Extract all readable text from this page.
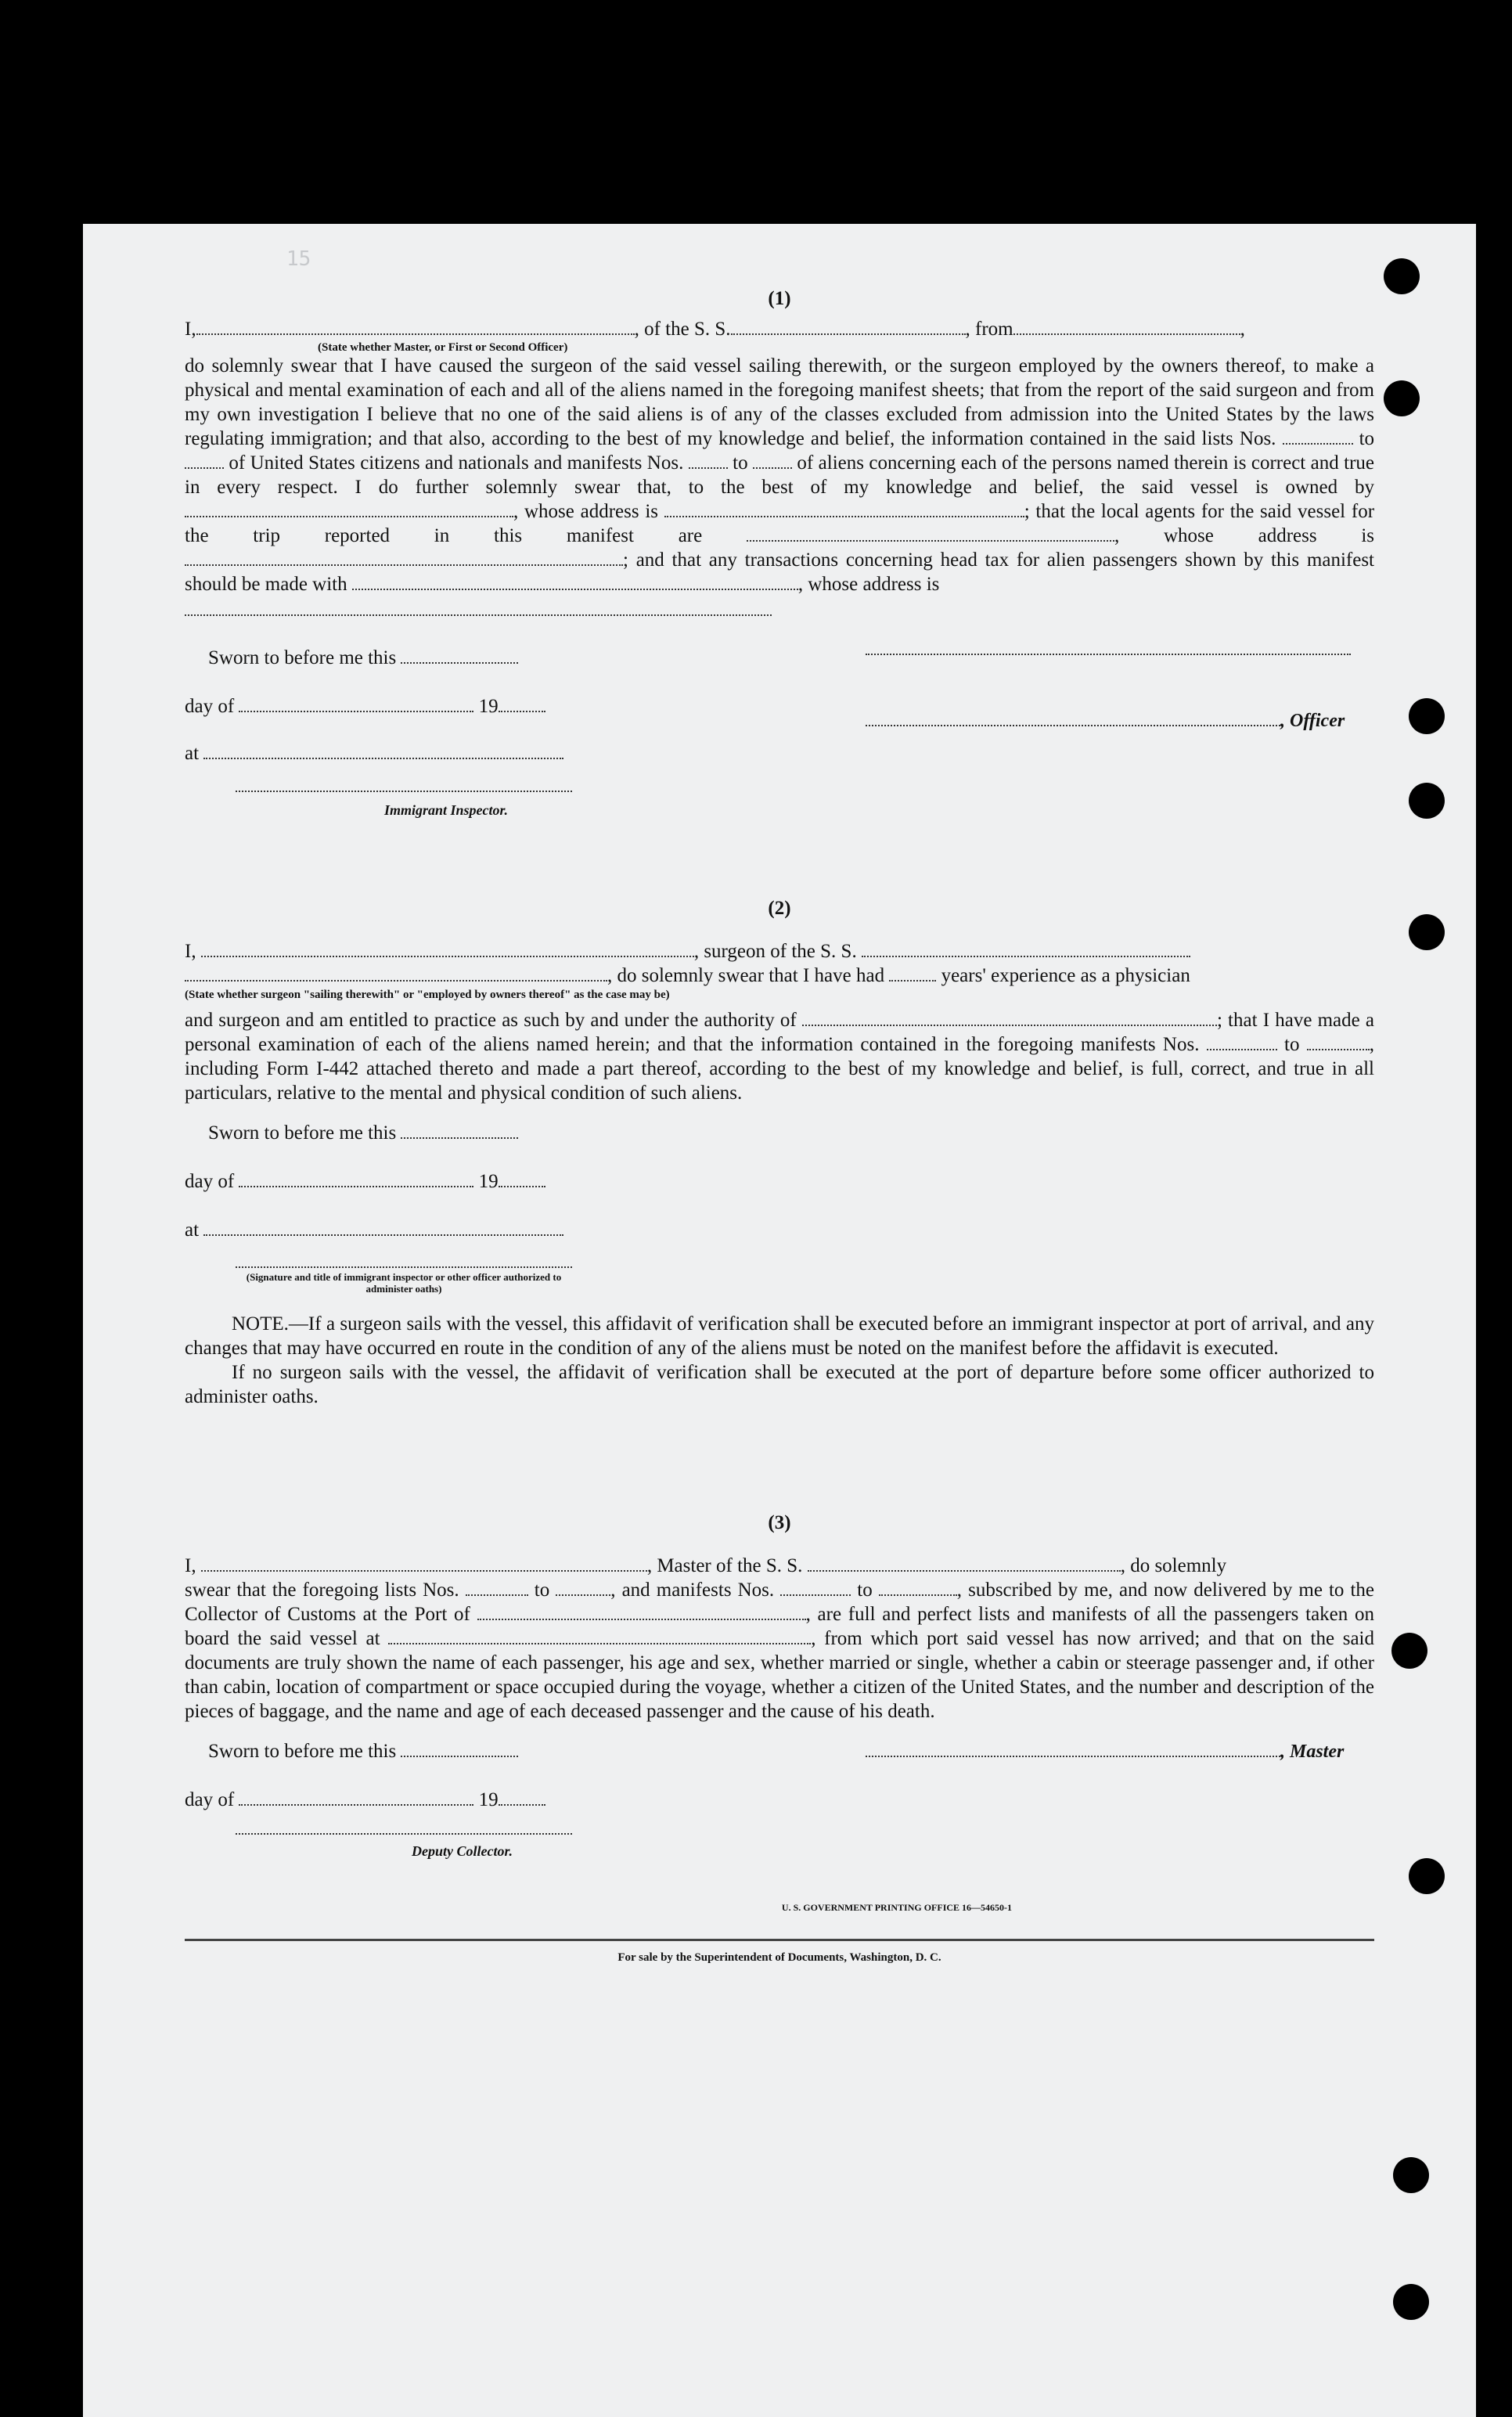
15

(1)

I,	, of the S. S.	, from	,
(State whether Master, or First or Second Officer)

do solemnly swear that I have caused the surgeon of the said vessel sailing therewith, or the surgeon employed by the owners thereof, to make a physical and mental examination of each and all of the aliens named in the foregoing manifest sheets; that from the report of the said surgeon and from my own investigation I believe that no one of the said aliens is of any of the classes excluded from admission into the United States by the laws regulating immigration; and that also, according to the best of my knowledge and belief, the information contained in the said lists Nos.	to  of United States citizens and nationals and manifests Nos.	to	of aliens concerning each of the persons named therein is correct and true in every respect. I do further solemnly swear that, to the best of my knowledge and belief, the said vessel is owned by , whose address is	; that the local agents for the said vessel for the trip reported in this manifest are	, whose address is ; and that any transactions concerning head tax for alien passengers shown by this manifest should be made with	, whose address is

Sworn to before me this
day of	19
at
Immigrant Inspector.
, Officer

(2)

I,	, surgeon of the S. S.
, do solemnly swear that I have had	years' experience as a physician
(State whether surgeon "sailing therewith" or "employed by owners thereof" as the case may be)

and surgeon and am entitled to practice as such by and under the authority of	; that I have made a personal examination of each of the aliens named herein; and that the information contained in the foregoing manifests Nos.	to	, including Form I-442 attached thereto and made a part thereof, according to the best of my knowledge and belief, is full, correct, and true in all particulars, relative to the mental and physical condition of such aliens.

Sworn to before me this
day of	19
at
(Signature and title of immigrant inspector or other officer authorized to administer oaths)

NOTE.—If a surgeon sails with the vessel, this affidavit of verification shall be executed before an immigrant inspector at port of arrival, and any changes that may have occurred en route in the condition of any of the aliens must be noted on the manifest before the affidavit is executed.

If no surgeon sails with the vessel, the affidavit of verification shall be executed at the port of departure before some officer authorized to administer oaths.

(3)

I,	, Master of the S. S.	, do solemnly

swear that the foregoing lists Nos.	to	, and manifests Nos.	to	, subscribed by me, and now delivered by me to the Collector of Customs at the Port of	, are full and perfect lists and manifests of all the passengers taken on board the said vessel at	, from which port said vessel has now arrived; and that on the said documents are truly shown the name of each passenger, his age and sex, whether married or single, whether a cabin or steerage passenger and, if other than cabin, location of compartment or space occupied during the voyage, whether a citizen of the United States, and the number and description of the pieces of baggage, and the name and age of each deceased passenger and the cause of his death.

Sworn to before me this	, Master
day of	19
Deputy Collector.
U. S. GOVERNMENT PRINTING OFFICE 16—54650-1
For sale by the Superintendent of Documents, Washington, D. C.
